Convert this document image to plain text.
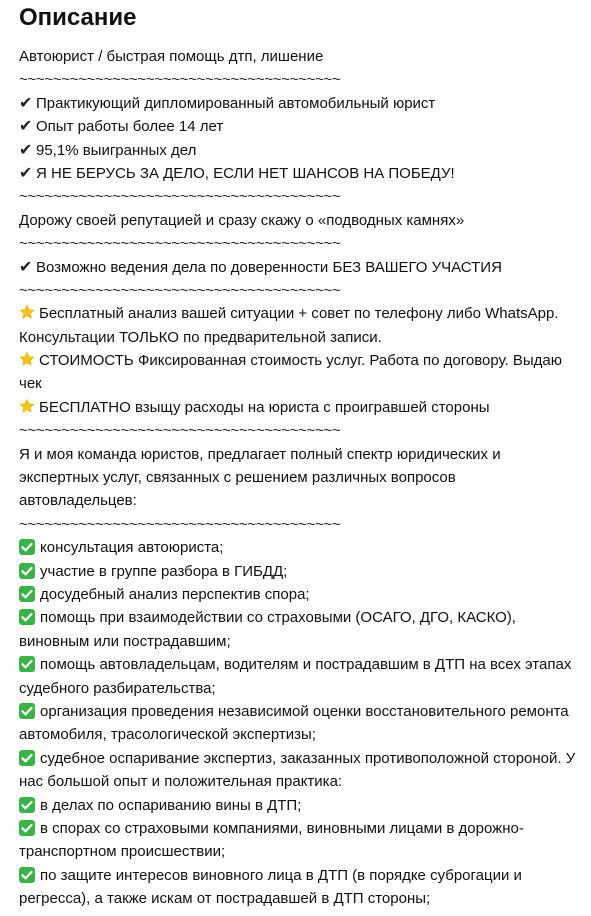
Описание
Автоюрист / быстрая помощь дтп, лишение
~~~~~~~~~~~~~~~~~~~~~~~~~~~~~~~~~~~~~~
✔ Практикующий дипломированный автомобильный юрист
✔ Опыт работы более 14 лет
✔ 95,1% выигранных дел
✔ Я НЕ БЕРУСЬ ЗА ДЕЛО, ЕСЛИ НЕТ ШАНСОВ НА ПОБЕДУ!
~~~~~~~~~~~~~~~~~~~~~~~~~~~~~~~~~~~~~~
Дорожу своей репутацией и сразу скажу о «подводных камнях»
~~~~~~~~~~~~~~~~~~~~~~~~~~~~~~~~~~~~~~
✔ Возможно ведения дела по доверенности БЕЗ ВАШЕГО УЧАСТИЯ
~~~~~~~~~~~~~~~~~~~~~~~~~~~~~~~~~~~~~~
Бесплатный анализ вашей ситуации + совет по телефону либо WhatsApp.
Консультации ТОЛЬКО по предварительной записи.
СТОИМОСТЬ Фиксированная стоимость услуг. Работа по договору. Выдаю
чек
БЕСПЛАТНО взыщу расходы на юриста с проигравшей стороны
~~~~~~~~~~~~~~~~~~~~~~~~~~~~~~~~~~~~~~
Я и моя команда юристов, предлагает полный спектр юридических и
экспертных услуг, связанных с решением различных вопросов
автовладельцев:
~~~~~~~~~~~~~~~~~~~~~~~~~~~~~~~~~~~~~~
консультация автоюриста;
участие в группе разбора в ГИБДД;
досудебный анализ перспектив спора;
помощь при взаимодействии со страховыми (ОСАГО, ДГО, КАСКО),
виновным или пострадавшим;
помощь автовладельцам, водителям и пострадавшим в ДТП на всех этапах
судебного разбирательства;
организация проведения независимой оценки восстановительного ремонта
автомобиля, трасологической экспертизы;
судебное оспаривание экспертиз, заказанных противоположной стороной. У
нас большой опыт и положительная практика:
в делах по оспариванию вины в ДТП;
в спорах со страховыми компаниями, виновными лицами в дорожно-
транспортном происшествии;
по защите интересов виновного лица в ДТП (в порядке суброгации и
регресса), а также искам от пострадавшей в ДТП стороны;
